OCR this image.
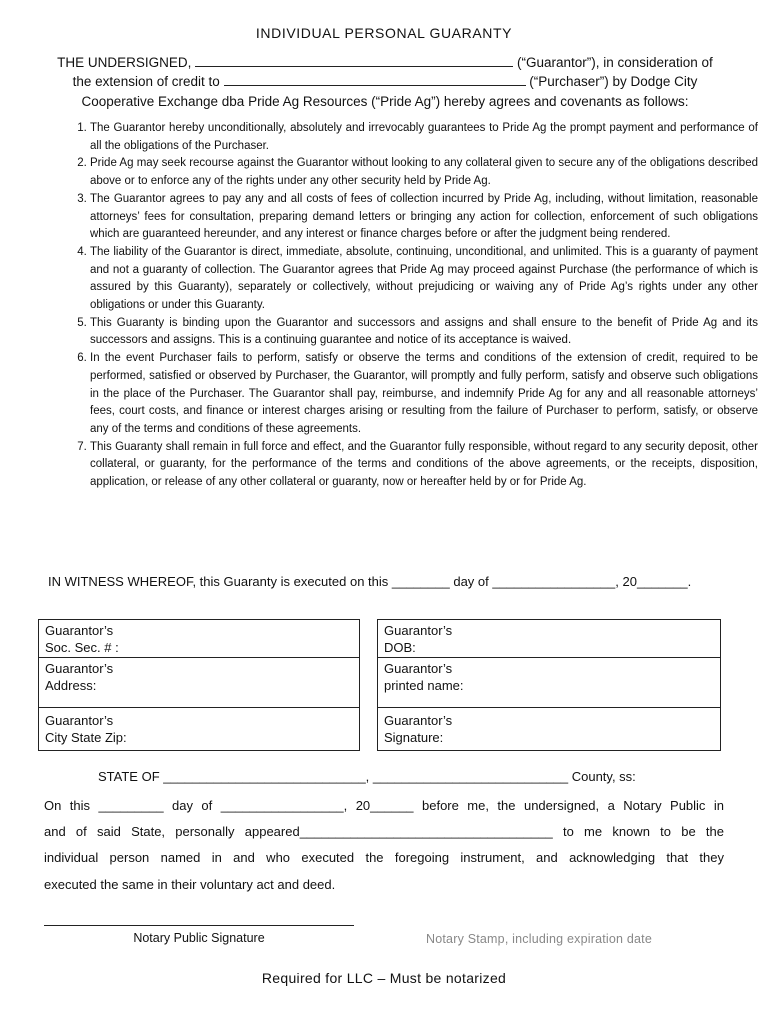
INDIVIDUAL PERSONAL GUARANTY
THE UNDERSIGNED,	(“Guarantor”), in consideration of
the extension of credit to	(“Purchaser”) by Dodge City
Cooperative Exchange dba Pride Ag Resources (“Pride Ag”) hereby agrees and covenants as follows:
1. The Guarantor hereby unconditionally, absolutely and irrevocably guarantees to Pride Ag the prompt payment and performance of all the obligations of the Purchaser.
2. Pride Ag may seek recourse against the Guarantor without looking to any collateral given to secure any of the obligations described above or to enforce any of the rights under any other security held by Pride Ag.
3. The Guarantor agrees to pay any and all costs of fees of collection incurred by Pride Ag, including, without limitation, reasonable attorneys’ fees for consultation, preparing demand letters or bringing any action for collection, enforcement of such obligations which are guaranteed hereunder, and any interest or finance charges before or after the judgment being rendered.
4. The liability of the Guarantor is direct, immediate, absolute, continuing, unconditional, and unlimited. This is a guaranty of payment and not a guaranty of collection. The Guarantor agrees that Pride Ag may proceed against Purchase (the performance of which is assured by this Guaranty), separately or collectively, without prejudicing or waiving any of Pride Ag’s rights under any other obligations or under this Guaranty.
5. This Guaranty is binding upon the Guarantor and successors and assigns and shall ensure to the benefit of Pride Ag and its successors and assigns. This is a continuing guarantee and notice of its acceptance is waived.
6. In the event Purchaser fails to perform, satisfy or observe the terms and conditions of the extension of credit, required to be performed, satisfied or observed by Purchaser, the Guarantor, will promptly and fully perform, satisfy and observe such obligations in the place of the Purchaser. The Guarantor shall pay, reimburse, and indemnify Pride Ag for any and all reasonable attorneys’ fees, court costs, and finance or interest charges arising or resulting from the failure of Purchaser to perform, satisfy, or observe any of the terms and conditions of these agreements.
7. This Guaranty shall remain in full force and effect, and the Guarantor fully responsible, without regard to any security deposit, other collateral, or guaranty, for the performance of the terms and conditions of the above agreements, or the receipts, disposition, application, or release of any other collateral or guaranty, now or hereafter held by or for Pride Ag.
IN WITNESS WHEREOF, this Guaranty is executed on this ________ day of _________________, 20_______.
Guarantor’s
Soc. Sec. # :
Guarantor’s
Address:
Guarantor’s
City State Zip:
Guarantor’s
DOB:
Guarantor’s
printed name:
Guarantor’s
Signature:
STATE OF ____________________________, ___________________________ County, ss:
On this _________ day of _________________, 20______ before me, the undersigned, a Notary Public in
and of said State, personally appeared___________________________________ to me known to be the
individual person named in and who executed the foregoing instrument, and acknowledging that they
executed the same in their voluntary act and deed.
Notary Public Signature	Notary Stamp, including expiration date
Required for LLC – Must be notarized
